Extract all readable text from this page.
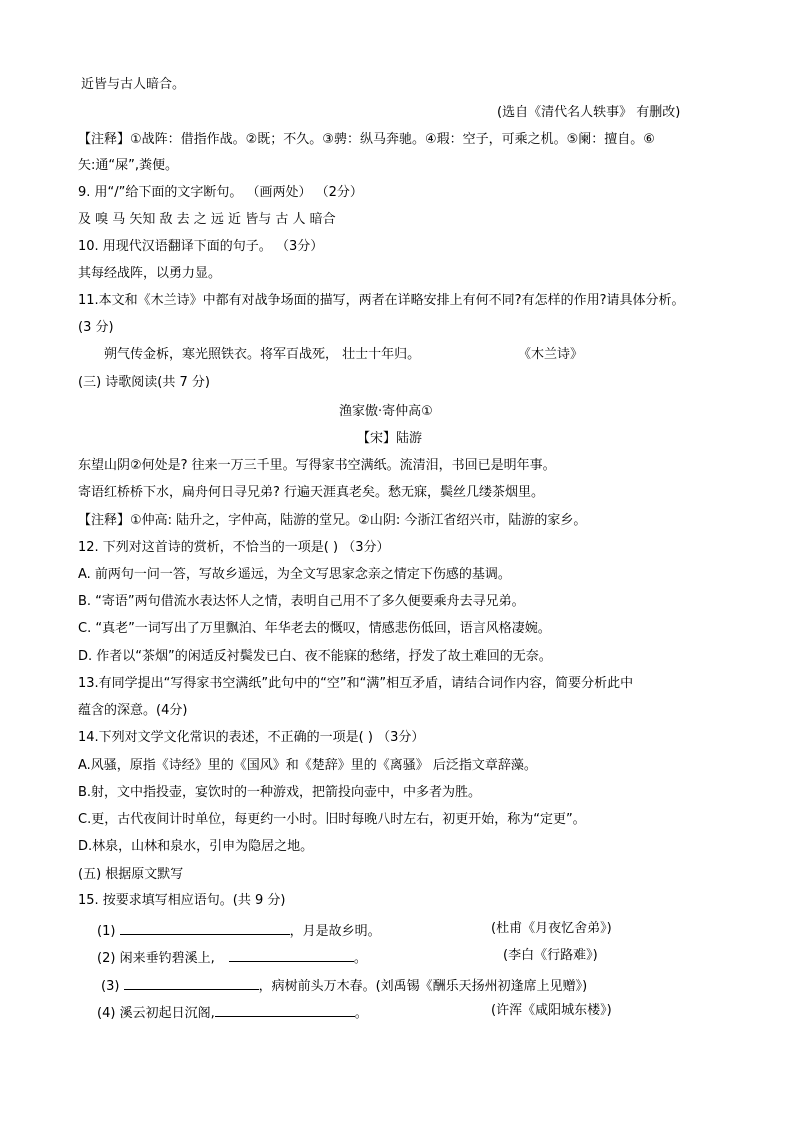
近皆与古人暗合。
(选自《清代名人轶事》 有删改)
【注释】①战阵：借指作战。②既；不久。③骋：纵马奔驰。④瑕：空子，可乘之机。⑤阑：擅自。⑥
矢:通“屎”,粪便。
9. 用“/”给下面的文字断句。 （画两处） （2分）
及 嗅 马 矢知 敌 去 之 远 近 皆与 古 人 暗合
10. 用现代汉语翻译下面的句子。 （3分）
其每经战阵，以勇力显。
11.本文和《木兰诗》中都有对战争场面的描写，两者在详略安排上有何不同?有怎样的作用?请具体分析。
(3 分)
朔气传金柝，寒光照铁衣。将军百战死， 壮士十年归。	《木兰诗》
(三) 诗歌阅读(共 7 分)
渔家傲·寄仲高①
【宋】陆游
东望山阴②何处是? 往来一万三千里。写得家书空满纸。流清泪，书回已是明年事。
寄语红桥桥下水，扁舟何日寻兄弟? 行遍天涯真老矣。愁无寐，鬓丝几缕茶烟里。
【注释】①仲高: 陆升之，字仲高，陆游的堂兄。②山阴: 今浙江省绍兴市，陆游的家乡。
12. 下列对这首诗的赏析，不恰当的一项是( ) （3分）
A. 前两句一问一答，写故乡遥远，为全文写思家念亲之情定下伤感的基调。
B. “寄语”两句借流水表达怀人之情，表明自己用不了多久便要乘舟去寻兄弟。
C. “真老”一词写出了万里飘泊、年华老去的慨叹，情感悲伤低回，语言风格凄婉。
D. 作者以“茶烟”的闲适反衬鬓发已白、夜不能寐的愁绪，抒发了故土难回的无奈。
13.有同学提出“写得家书空满纸”此句中的“空”和“满”相互矛盾，请结合词作内容，简要分析此中
蕴含的深意。(4分)
14.下列对文学文化常识的表述，不正确的一项是( ) （3分）
A.风骚，原指《诗经》里的《国风》和《楚辞》里的《离骚》 后泛指文章辞藻。
B.射，文中指投壶，宴饮时的一种游戏，把箭投向壶中，中多者为胜。
C.更，古代夜间计时单位，每更约一小时。旧时每晚八时左右，初更开始，称为“定更”。
D.林泉，山林和泉水，引申为隐居之地。
(五) 根据原文默写
15. 按要求填写相应语句。(共 9 分)
(1)	，月是故乡明。	(杜甫《月夜忆舍弟》)
(2) 闲来垂钓碧溪上,	。	(李白《行路难》)
(3)	，病树前头万木春。(刘禹锡《酬乐天扬州初逢席上见赠》)
(4) 溪云初起日沉阁,	。	(许浑《咸阳城东楼》)
